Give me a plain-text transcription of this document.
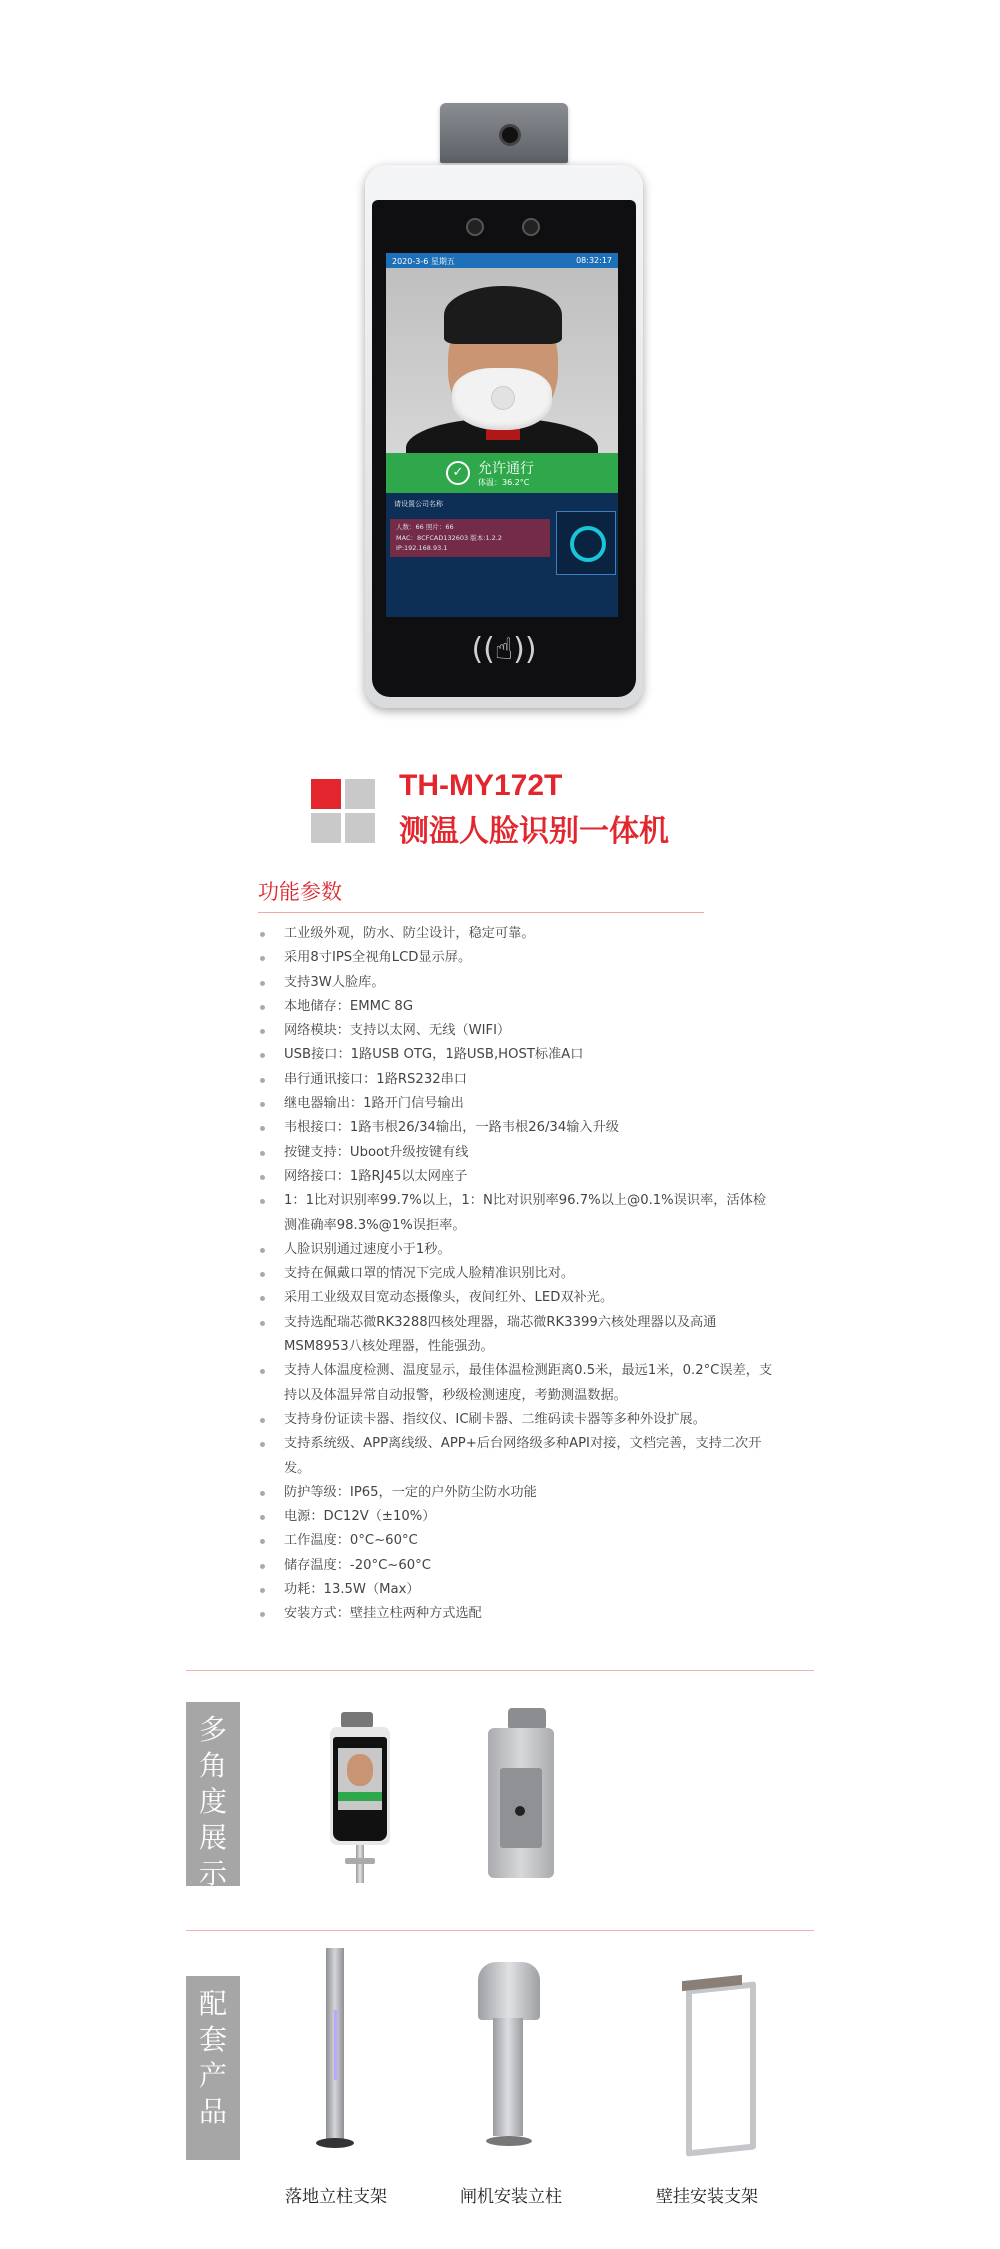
2020-3-6 星期五	08:32:17
✓	允许通行
体温：36.2°C
请设置公司名称
人数：66 照片：66
MAC：8CFCAD132603 版本:1.2.2
IP:192.168.93.1
((☝))
TH-MY172T
测温人脸识别一体机
功能参数
工业级外观，防水、防尘设计，稳定可靠。
采用8寸IPS全视角LCD显示屏。
支持3W人脸库。
本地储存：EMMC 8G
网络模块：支持以太网、无线（WIFI）
USB接口：1路USB OTG，1路USB,HOST标准A口
串行通讯接口：1路RS232串口
继电器输出：1路开门信号输出
韦根接口：1路韦根26/34输出，一路韦根26/34输入升级
按键支持：Uboot升级按键有线
网络接口：1路RJ45以太网座子
1：1比对识别率99.7%以上，1：N比对识别率96.7%以上@0.1%误识率，活体检测准确率98.3%@1%误拒率。
人脸识别通过速度小于1秒。
支持在佩戴口罩的情况下完成人脸精准识别比对。
采用工业级双目宽动态摄像头，夜间红外、LED双补光。
支持选配瑞芯微RK3288四核处理器，瑞芯微RK3399六核处理器以及高通MSM8953八核处理器，性能强劲。
支持人体温度检测、温度显示，最佳体温检测距离0.5米，最远1米，0.2°C误差，支持以及体温异常自动报警，秒级检测速度，考勤测温数据。
支持身份证读卡器、指纹仪、IC刷卡器、二维码读卡器等多种外设扩展。
支持系统级、APP离线级、APP+后台网络级多种API对接，文档完善，支持二次开发。
防护等级：IP65，一定的户外防尘防水功能
电源：DC12V（±10%）
工作温度：0°C~60°C
储存温度：-20°C~60°C
功耗：13.5W（Max）
安装方式：壁挂立柱两种方式选配
多角度展示
配套产品
落地立柱支架	闸机安装立柱	壁挂安装支架
